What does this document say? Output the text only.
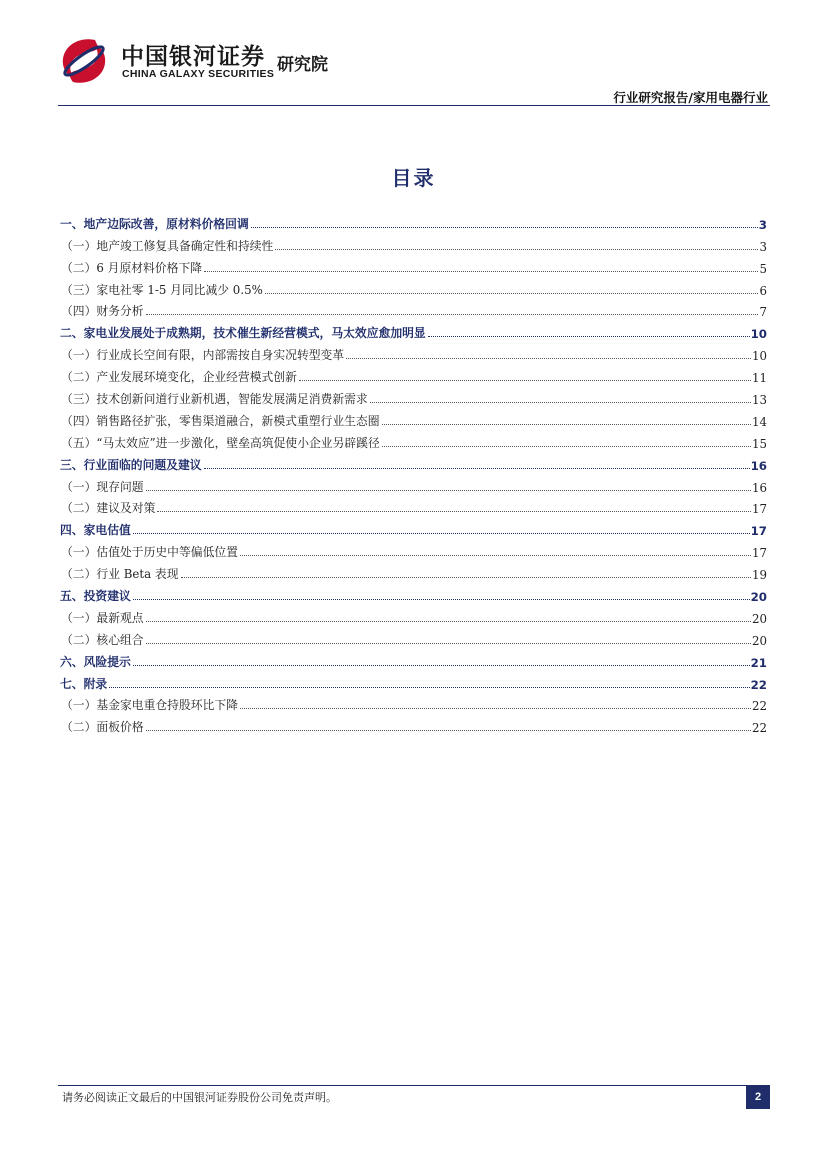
中国银河证券
CHINA GALAXY SECURITIES 研究院
行业研究报告/家用电器行业
目录
一、地产边际改善，原材料价格回调	3
（一）地产竣工修复具备确定性和持续性	3
（二）6 月原材料价格下降	5
（三）家电社零 1-5 月同比减少 0.5%	6
（四）财务分析	7
二、家电业发展处于成熟期，技术催生新经营模式，马太效应愈加明显	10
（一）行业成长空间有限，内部需按自身实况转型变革	10
（二）产业发展环境变化，企业经营模式创新	11
（三）技术创新问道行业新机遇，智能发展满足消费新需求	13
（四）销售路径扩张，零售渠道融合，新模式重塑行业生态圈	14
（五）“马太效应”进一步激化，壁垒高筑促使小企业另辟蹊径	15
三、行业面临的问题及建议	16
（一）现存问题	16
（二）建议及对策	17
四、家电估值	17
（一）估值处于历史中等偏低位置	17
（二）行业 Beta 表现	19
五、投资建议	20
（一）最新观点	20
（二）核心组合	20
六、风险提示	21
七、附录	22
（一）基金家电重仓持股环比下降	22
（二）面板价格	22
请务必阅读正文最后的中国银河证券股份公司免责声明。	2
